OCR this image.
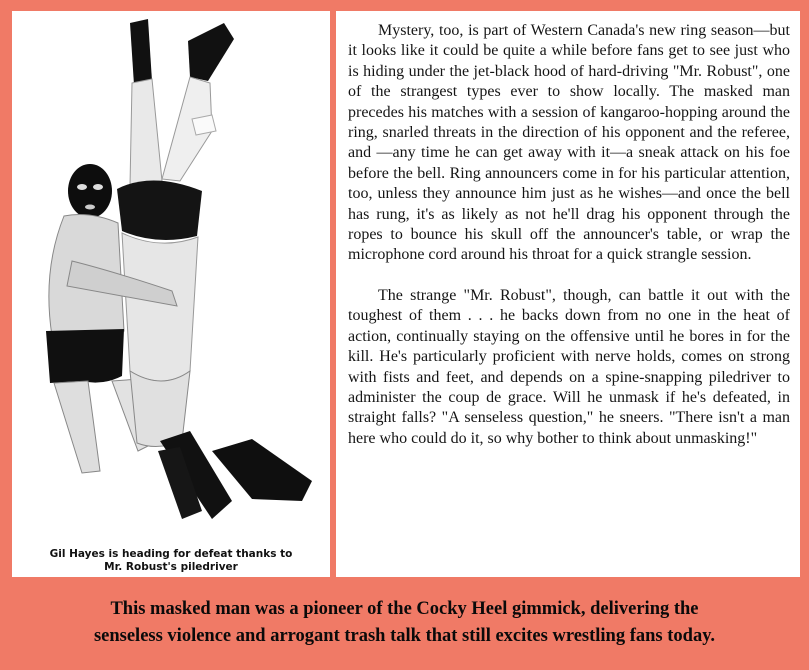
Gil Hayes is heading for defeat thanks to
Mr. Robust's piledriver

Mystery, too, is part of Western Canada's new ring season—but it looks like it could be quite a while before fans get to see just who is hiding under the jet-black hood of hard-driving "Mr. Robust", one of the strangest types ever to show locally. The masked man precedes his matches with a session of kangaroo-hopping around the ring, snarled threats in the direction of his opponent and the referee, and —any time he can get away with it—a sneak attack on his foe before the bell. Ring announcers come in for his particular attention, too, unless they announce him just as he wishes—and once the bell has rung, it's as likely as not he'll drag his opponent through the ropes to bounce his skull off the announcer's table, or wrap the microphone cord around his throat for a quick strangle session.

The strange "Mr. Robust", though, can battle it out with the toughest of them . . . he backs down from no one in the heat of action, continually staying on the offensive until he bores in for the kill. He's particularly proficient with nerve holds, comes on strong with fists and feet, and depends on a spine-snapping piledriver to administer the coup de grace. Will he unmask if he's defeated, in straight falls? "A senseless question," he sneers. "There isn't a man here who could do it, so why bother to think about unmasking!"

This masked man was a pioneer of the Cocky Heel gimmick, delivering the
senseless violence and arrogant trash talk that still excites wrestling fans today.
